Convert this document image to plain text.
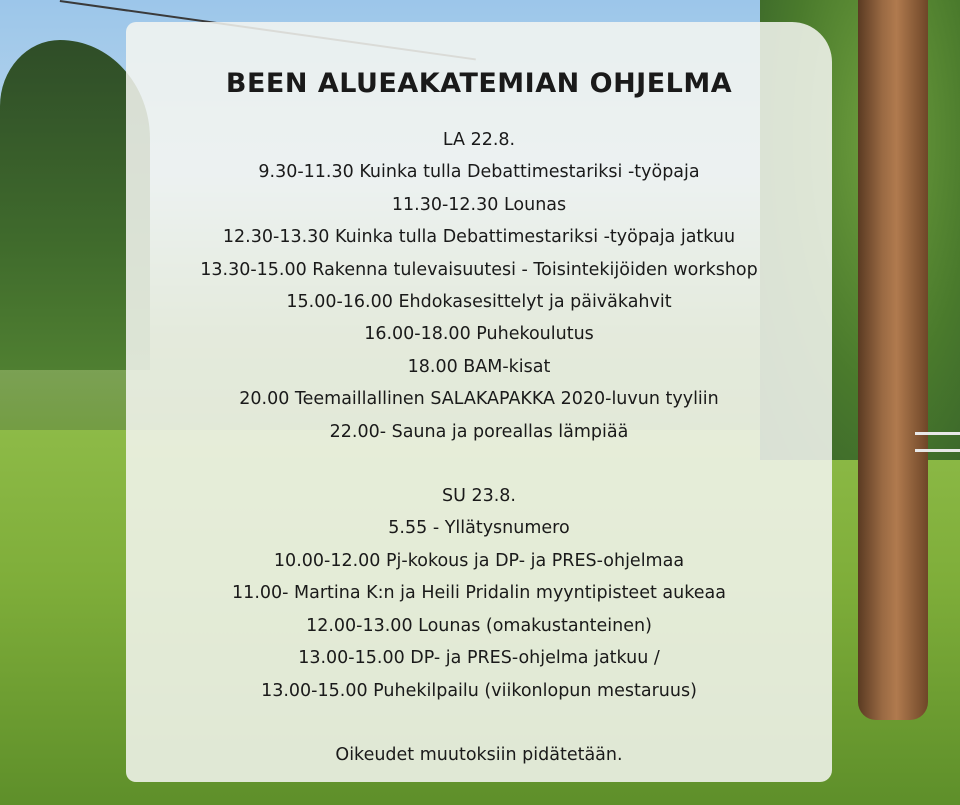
BEEN ALUEAKATEMIAN OHJELMA
LA 22.8.
9.30-11.30 Kuinka tulla Debattimestariksi -työpaja
11.30-12.30 Lounas
12.30-13.30 Kuinka tulla Debattimestariksi -työpaja jatkuu
13.30-15.00 Rakenna tulevaisuutesi - Toisintekijöiden workshop
15.00-16.00 Ehdokasesittelyt ja päiväkahvit
16.00-18.00 Puhekoulutus
18.00 BAM-kisat
20.00 Teemaillallinen SALAKAPAKKA 2020-luvun tyyliin
22.00- Sauna ja poreallas lämpiää
SU 23.8.
5.55 - Yllätysnumero
10.00-12.00 Pj-kokous ja DP- ja PRES-ohjelmaa
11.00- Martina K:n ja Heili Pridalin myyntipisteet aukeaa
12.00-13.00 Lounas (omakustanteinen)
13.00-15.00 DP- ja PRES-ohjelma jatkuu /
13.00-15.00 Puhekilpailu (viikonlopun mestaruus)
Oikeudet muutoksiin pidätetään.
